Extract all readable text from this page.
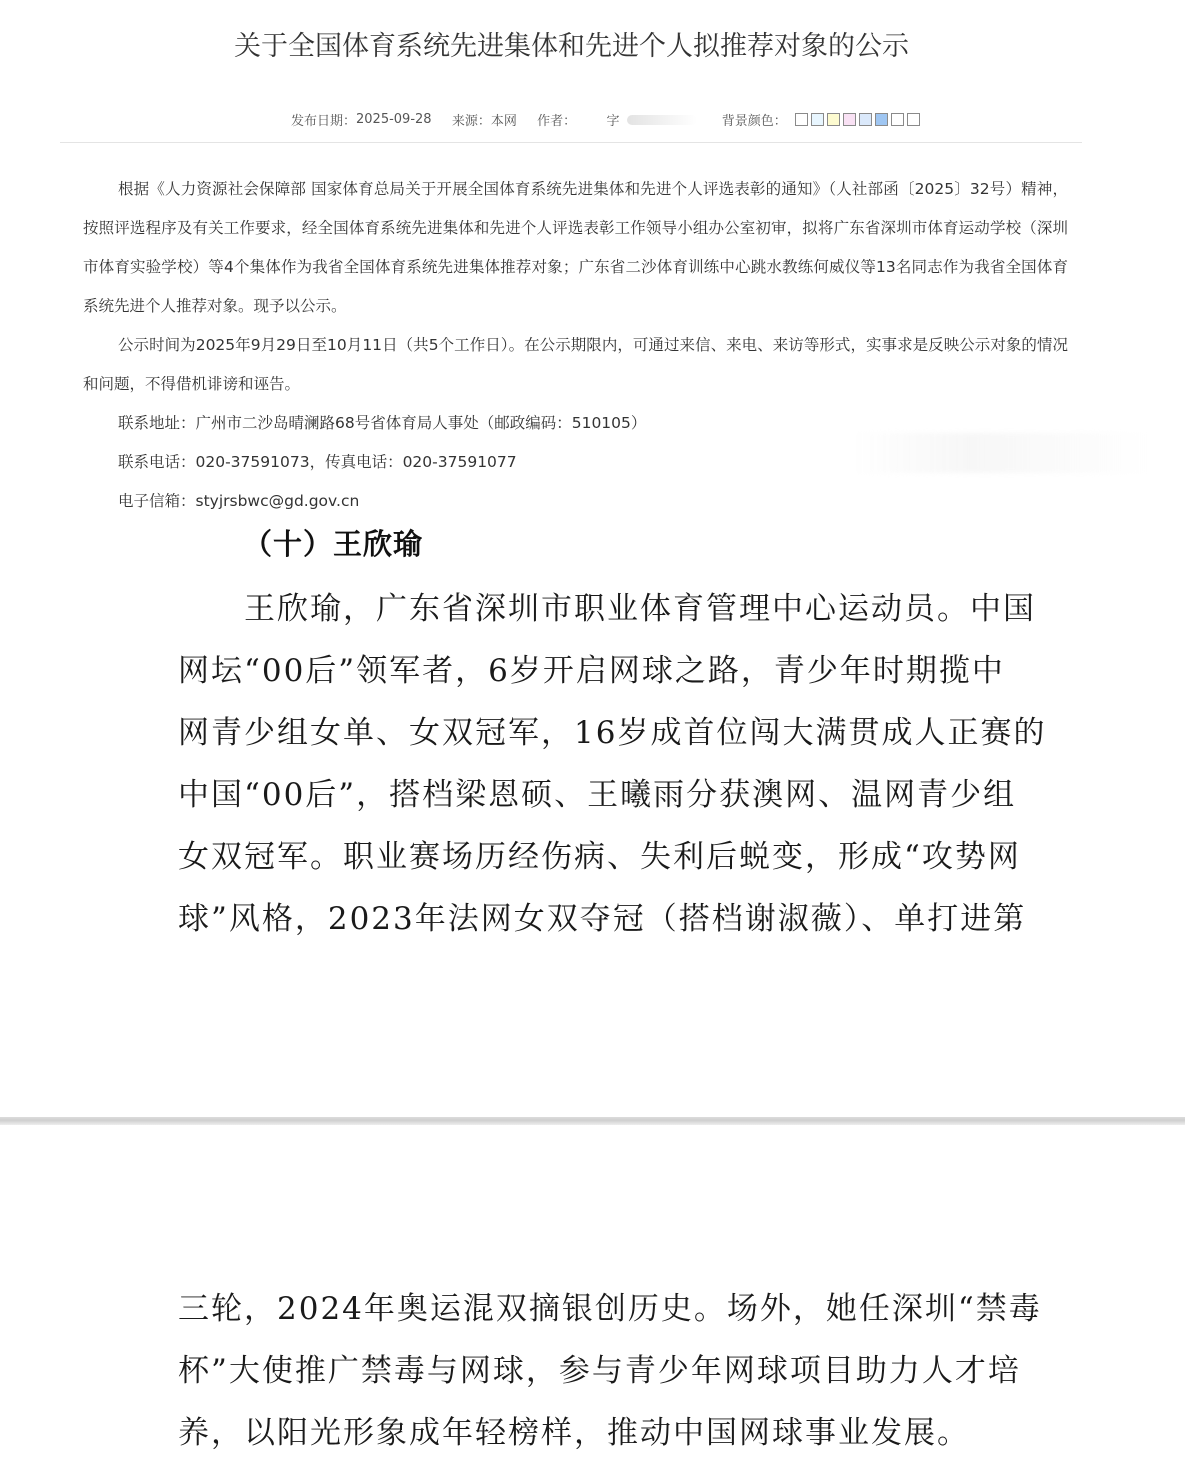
关于全国体育系统先进集体和先进个人拟推荐对象的公示
发布日期：2025-09-28 来源：本网 作者： 字	背景颜色：

根据《人力资源社会保障部 国家体育总局关于开展全国体育系统先进集体和先进个人评选表彰的通知》（人社部函〔2025〕32号）精神，按照评选程序及有关工作要求，经全国体育系统先进集体和先进个人评选表彰工作领导小组办公室初审，拟将广东省深圳市体育运动学校（深圳市体育实验学校）等4个集体作为我省全国体育系统先进集体推荐对象；广东省二沙体育训练中心跳水教练何威仪等13名同志作为我省全国体育系统先进个人推荐对象。现予以公示。

公示时间为2025年9月29日至10月11日（共5个工作日）。在公示期限内，可通过来信、来电、来访等形式，实事求是反映公示对象的情况和问题，不得借机诽谤和诬告。

联系地址：广州市二沙岛晴澜路68号省体育局人事处（邮政编码：510105）

联系电话：020-37591073，传真电话：020-37591077

电子信箱：styjrsbwc@gd.gov.cn

（十）王欣瑜
　　王欣瑜，广东省深圳市职业体育管理中心运动员。中国
网坛“00后”领军者，6岁开启网球之路，青少年时期揽中
网青少组女单、女双冠军，16岁成首位闯大满贯成人正赛的
中国“00后”，搭档梁恩硕、王曦雨分获澳网、温网青少组
女双冠军。职业赛场历经伤病、失利后蜕变，形成“攻势网
球”风格，2023年法网女双夺冠（搭档谢淑薇）、单打进第
三轮，2024年奥运混双摘银创历史。场外，她任深圳“禁毒
杯”大使推广禁毒与网球，参与青少年网球项目助力人才培
养，以阳光形象成年轻榜样，推动中国网球事业发展。
